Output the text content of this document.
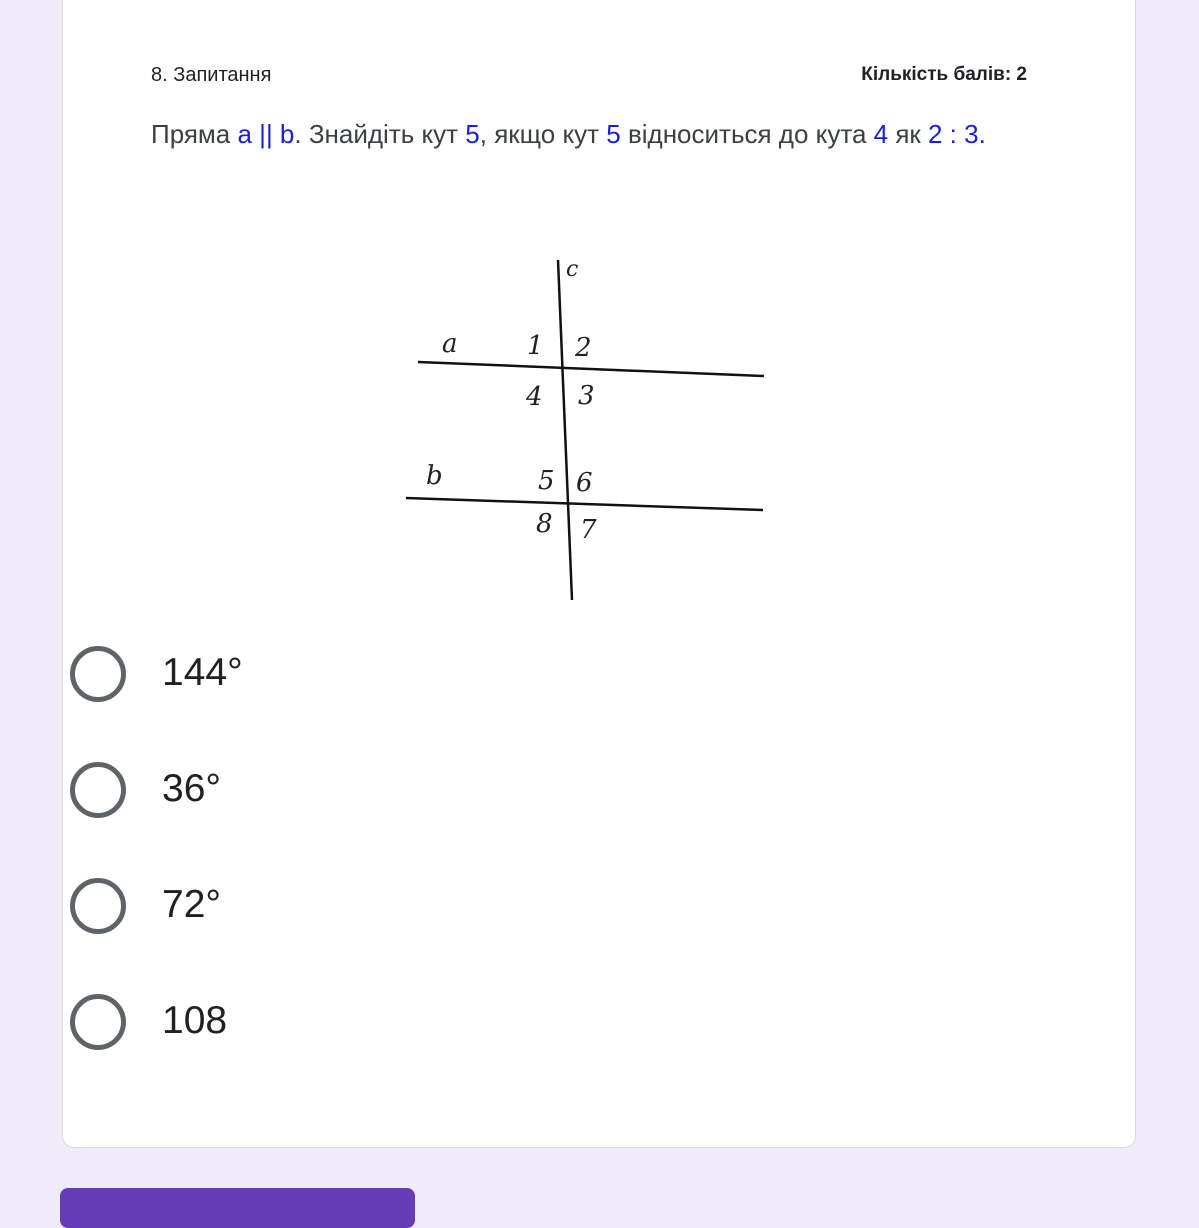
8. Запитання	Кількість балів: 2
Пряма a || b. Знайдіть кут 5, якщо кут 5 відноситься до кута 4 як 2 : 3.
c
a
b
1 2
4 3
5 6
8 7
144°
36°
72°
108
